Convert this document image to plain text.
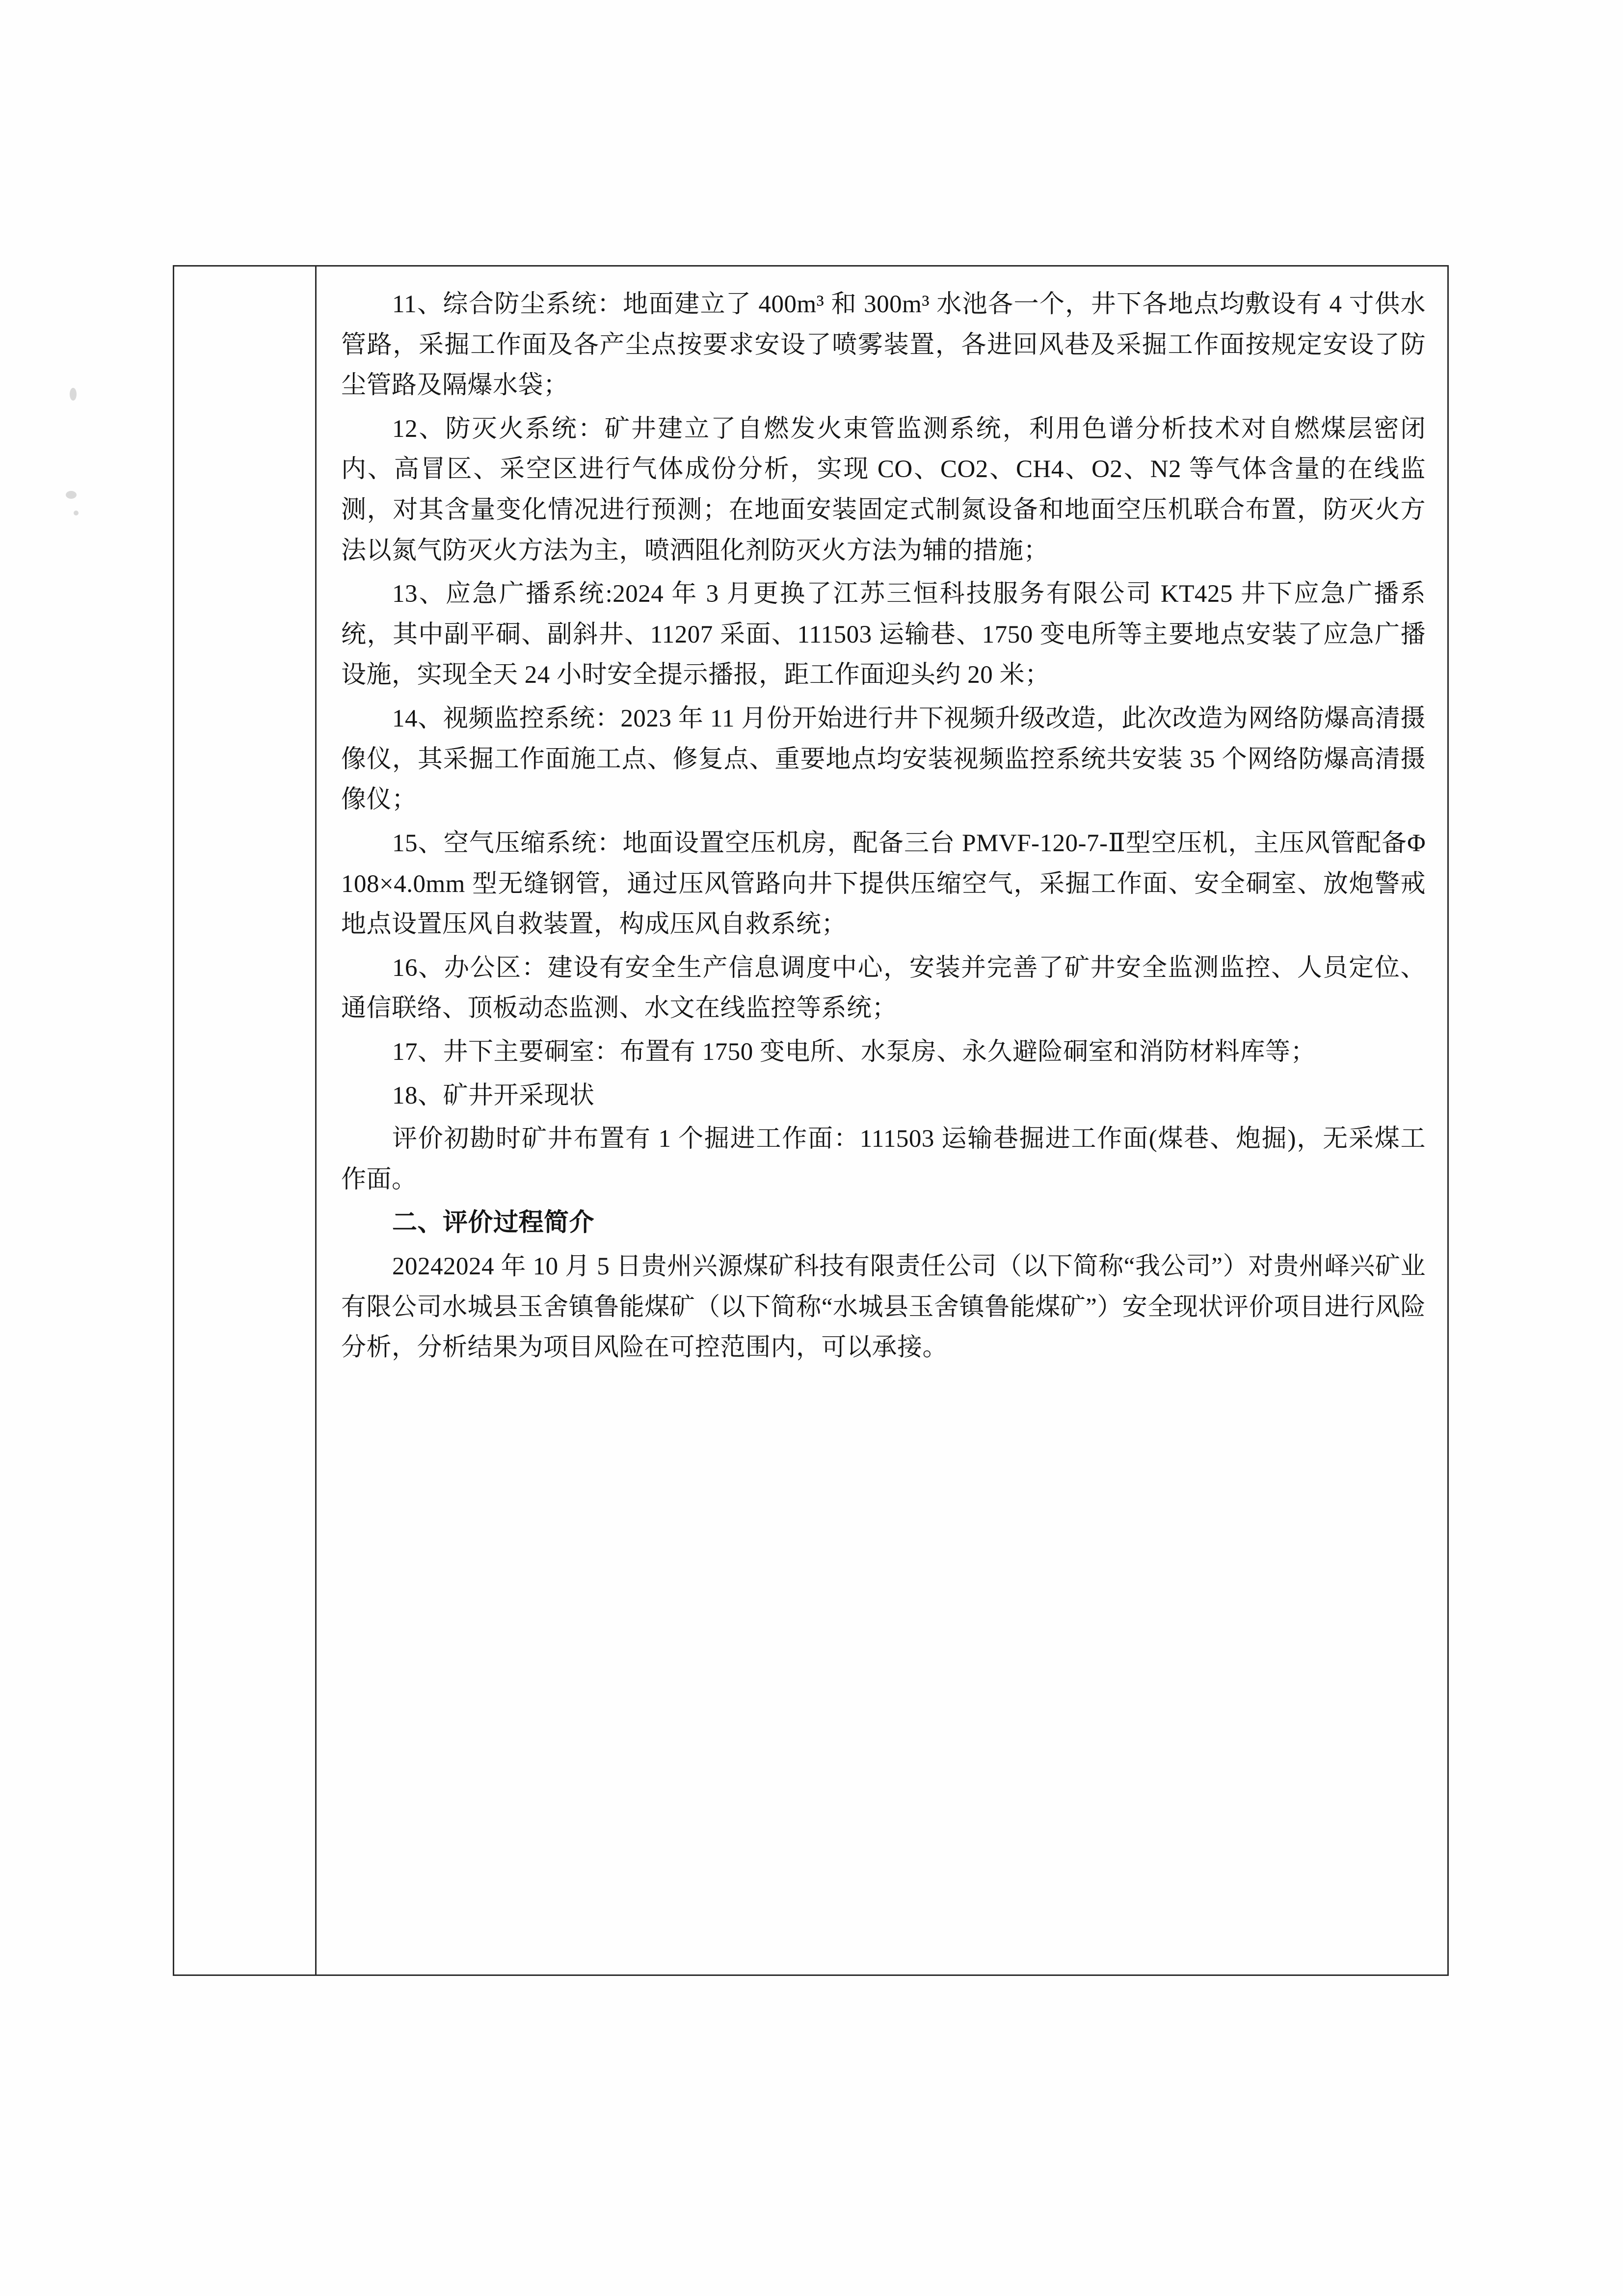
11、综合防尘系统：地面建立了 400m³ 和 300m³ 水池各一个，井下各地点均敷设有 4 寸供水管路，采掘工作面及各产尘点按要求安设了喷雾装置，各进回风巷及采掘工作面按规定安设了防尘管路及隔爆水袋；

12、防灭火系统：矿井建立了自燃发火束管监测系统，利用色谱分析技术对自燃煤层密闭内、高冒区、采空区进行气体成份分析，实现 CO、CO2、CH4、O2、N2 等气体含量的在线监测，对其含量变化情况进行预测；在地面安装固定式制氮设备和地面空压机联合布置，防灭火方法以氮气防灭火方法为主，喷洒阻化剂防灭火方法为辅的措施；

13、应急广播系统:2024 年 3 月更换了江苏三恒科技服务有限公司 KT425 井下应急广播系统，其中副平硐、副斜井、11207 采面、111503 运输巷、1750 变电所等主要地点安装了应急广播设施，实现全天 24 小时安全提示播报，距工作面迎头约 20 米；

14、视频监控系统：2023 年 11 月份开始进行井下视频升级改造，此次改造为网络防爆高清摄像仪，其采掘工作面施工点、修复点、重要地点均安装视频监控系统共安装 35 个网络防爆高清摄像仪；

15、空气压缩系统：地面设置空压机房，配备三台 PMVF-120-7-Ⅱ型空压机，主压风管配备Φ108×4.0mm 型无缝钢管，通过压风管路向井下提供压缩空气，采掘工作面、安全硐室、放炮警戒地点设置压风自救装置，构成压风自救系统；

16、办公区：建设有安全生产信息调度中心，安装并完善了矿井安全监测监控、人员定位、通信联络、顶板动态监测、水文在线监控等系统；

17、井下主要硐室：布置有 1750 变电所、水泵房、永久避险硐室和消防材料库等；

18、矿井开采现状

评价初勘时矿井布置有 1 个掘进工作面：111503 运输巷掘进工作面(煤巷、炮掘)，无采煤工作面。

二、评价过程简介

20242024 年 10 月 5 日贵州兴源煤矿科技有限责任公司（以下简称“我公司”）对贵州峄兴矿业有限公司水城县玉舍镇鲁能煤矿（以下简称“水城县玉舍镇鲁能煤矿”）安全现状评价项目进行风险分析，分析结果为项目风险在可控范围内，可以承接。
